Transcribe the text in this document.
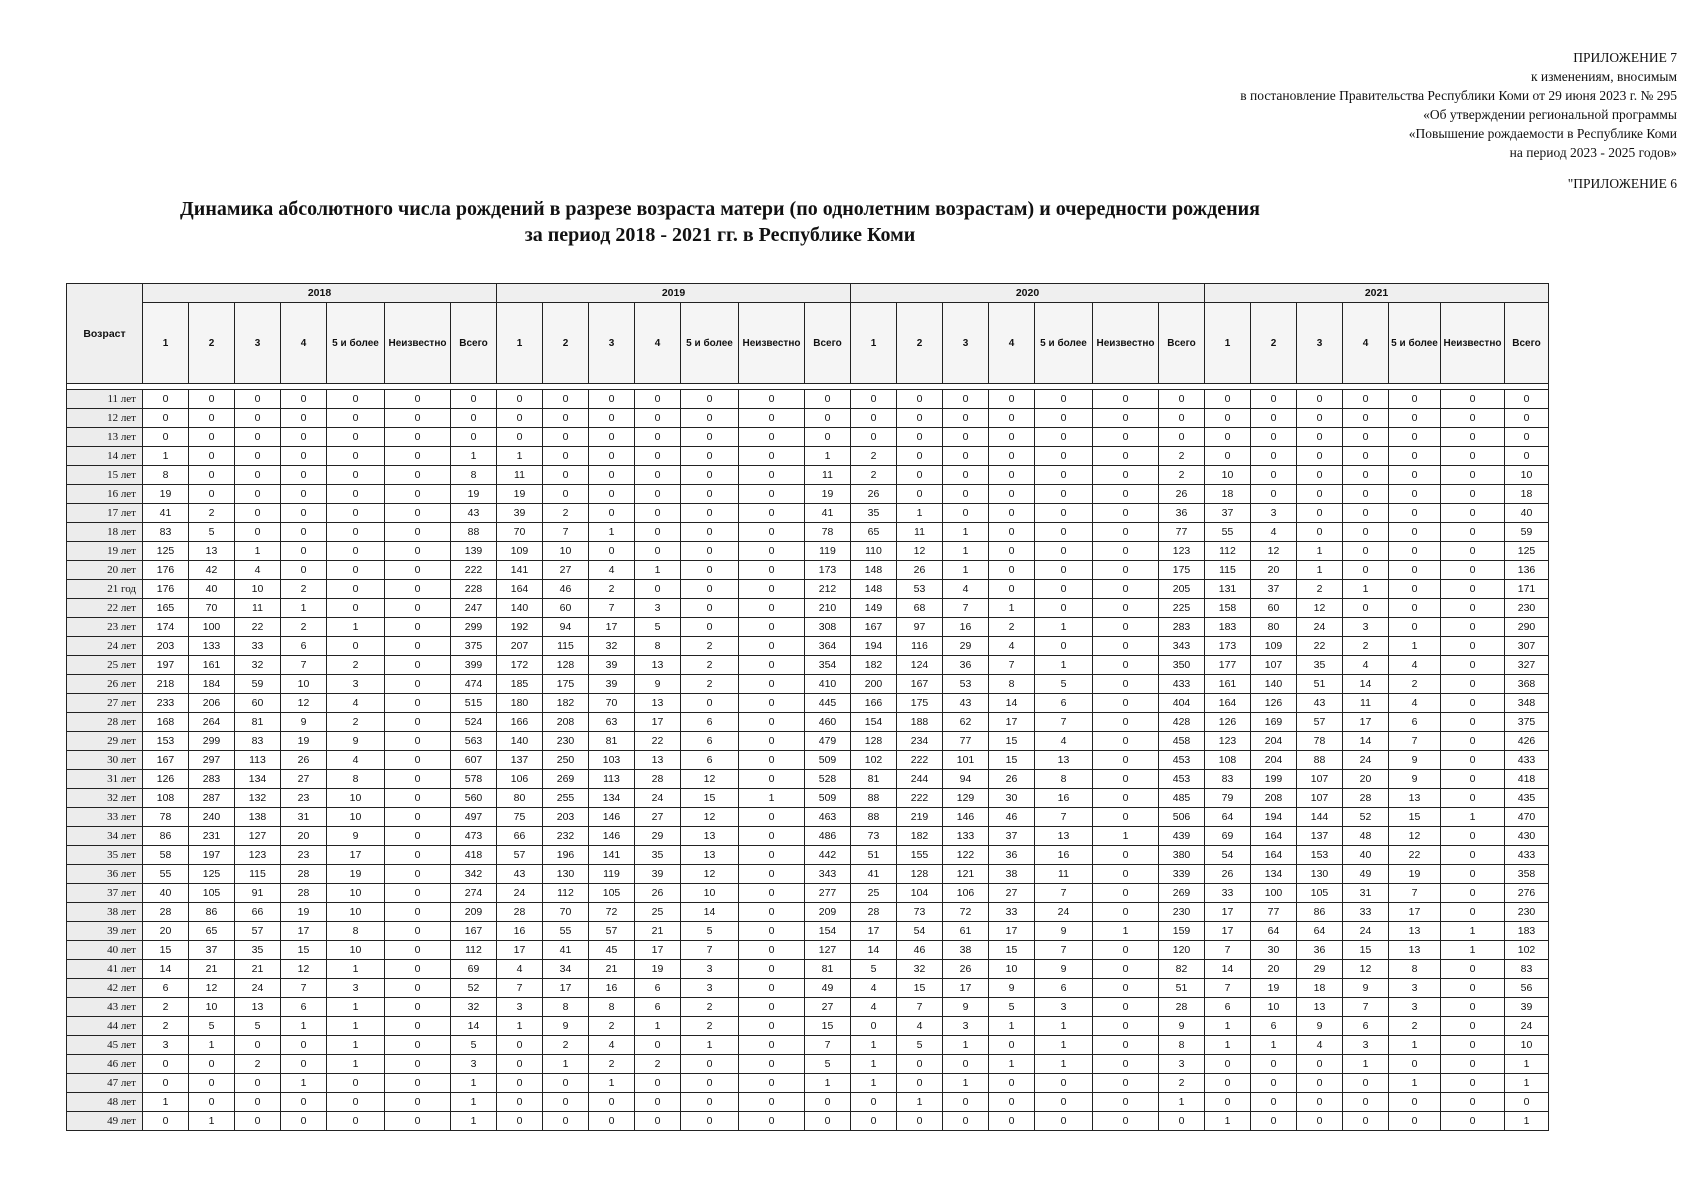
ПРИЛОЖЕНИЕ 7
к изменениям, вносимым
в постановление Правительства Республики Коми от 29 июня 2023 г. № 295
«Об утверждении региональной программы
«Повышение рождаемости в Республике Коми
на период 2023 - 2025 годов»
"ПРИЛОЖЕНИЕ 6
Динамика абсолютного числа рождений в разрезе возраста матери (по однолетним возрастам) и очередности рождения
за период 2018 - 2021 гг. в Республике Коми
Возраст	2018							2019							2020							2021						
	1	2	3	4	5 и более	Неизвестно	Всего	1	2	3	4	5 и более	Неизвестно	Всего	1	2	3	4	5 и более	Неизвестно	Всего	1	2	3	4	5 и более	Неизвестно	Всего

11 лет	0	0	0	0	0	0	0	0	0	0	0	0	0	0	0	0	0	0	0	0	0	0	0	0	0	0	0	0
12 лет	0	0	0	0	0	0	0	0	0	0	0	0	0	0	0	0	0	0	0	0	0	0	0	0	0	0	0	0
13 лет	0	0	0	0	0	0	0	0	0	0	0	0	0	0	0	0	0	0	0	0	0	0	0	0	0	0	0	0
14 лет	1	0	0	0	0	0	1	1	0	0	0	0	0	1	2	0	0	0	0	0	2	0	0	0	0	0	0	0
15 лет	8	0	0	0	0	0	8	11	0	0	0	0	0	11	2	0	0	0	0	0	2	10	0	0	0	0	0	10
16 лет	19	0	0	0	0	0	19	19	0	0	0	0	0	19	26	0	0	0	0	0	26	18	0	0	0	0	0	18
17 лет	41	2	0	0	0	0	43	39	2	0	0	0	0	41	35	1	0	0	0	0	36	37	3	0	0	0	0	40
18 лет	83	5	0	0	0	0	88	70	7	1	0	0	0	78	65	11	1	0	0	0	77	55	4	0	0	0	0	59
19 лет	125	13	1	0	0	0	139	109	10	0	0	0	0	119	110	12	1	0	0	0	123	112	12	1	0	0	0	125
20 лет	176	42	4	0	0	0	222	141	27	4	1	0	0	173	148	26	1	0	0	0	175	115	20	1	0	0	0	136
21 год	176	40	10	2	0	0	228	164	46	2	0	0	0	212	148	53	4	0	0	0	205	131	37	2	1	0	0	171
22 лет	165	70	11	1	0	0	247	140	60	7	3	0	0	210	149	68	7	1	0	0	225	158	60	12	0	0	0	230
23 лет	174	100	22	2	1	0	299	192	94	17	5	0	0	308	167	97	16	2	1	0	283	183	80	24	3	0	0	290
24 лет	203	133	33	6	0	0	375	207	115	32	8	2	0	364	194	116	29	4	0	0	343	173	109	22	2	1	0	307
25 лет	197	161	32	7	2	0	399	172	128	39	13	2	0	354	182	124	36	7	1	0	350	177	107	35	4	4	0	327
26 лет	218	184	59	10	3	0	474	185	175	39	9	2	0	410	200	167	53	8	5	0	433	161	140	51	14	2	0	368
27 лет	233	206	60	12	4	0	515	180	182	70	13	0	0	445	166	175	43	14	6	0	404	164	126	43	11	4	0	348
28 лет	168	264	81	9	2	0	524	166	208	63	17	6	0	460	154	188	62	17	7	0	428	126	169	57	17	6	0	375
29 лет	153	299	83	19	9	0	563	140	230	81	22	6	0	479	128	234	77	15	4	0	458	123	204	78	14	7	0	426
30 лет	167	297	113	26	4	0	607	137	250	103	13	6	0	509	102	222	101	15	13	0	453	108	204	88	24	9	0	433
31 лет	126	283	134	27	8	0	578	106	269	113	28	12	0	528	81	244	94	26	8	0	453	83	199	107	20	9	0	418
32 лет	108	287	132	23	10	0	560	80	255	134	24	15	1	509	88	222	129	30	16	0	485	79	208	107	28	13	0	435
33 лет	78	240	138	31	10	0	497	75	203	146	27	12	0	463	88	219	146	46	7	0	506	64	194	144	52	15	1	470
34 лет	86	231	127	20	9	0	473	66	232	146	29	13	0	486	73	182	133	37	13	1	439	69	164	137	48	12	0	430
35 лет	58	197	123	23	17	0	418	57	196	141	35	13	0	442	51	155	122	36	16	0	380	54	164	153	40	22	0	433
36 лет	55	125	115	28	19	0	342	43	130	119	39	12	0	343	41	128	121	38	11	0	339	26	134	130	49	19	0	358
37 лет	40	105	91	28	10	0	274	24	112	105	26	10	0	277	25	104	106	27	7	0	269	33	100	105	31	7	0	276
38 лет	28	86	66	19	10	0	209	28	70	72	25	14	0	209	28	73	72	33	24	0	230	17	77	86	33	17	0	230
39 лет	20	65	57	17	8	0	167	16	55	57	21	5	0	154	17	54	61	17	9	1	159	17	64	64	24	13	1	183
40 лет	15	37	35	15	10	0	112	17	41	45	17	7	0	127	14	46	38	15	7	0	120	7	30	36	15	13	1	102
41 лет	14	21	21	12	1	0	69	4	34	21	19	3	0	81	5	32	26	10	9	0	82	14	20	29	12	8	0	83
42 лет	6	12	24	7	3	0	52	7	17	16	6	3	0	49	4	15	17	9	6	0	51	7	19	18	9	3	0	56
43 лет	2	10	13	6	1	0	32	3	8	8	6	2	0	27	4	7	9	5	3	0	28	6	10	13	7	3	0	39
44 лет	2	5	5	1	1	0	14	1	9	2	1	2	0	15	0	4	3	1	1	0	9	1	6	9	6	2	0	24
45 лет	3	1	0	0	1	0	5	0	2	4	0	1	0	7	1	5	1	0	1	0	8	1	1	4	3	1	0	10
46 лет	0	0	2	0	1	0	3	0	1	2	2	0	0	5	1	0	0	1	1	0	3	0	0	0	1	0	0	1
47 лет	0	0	0	1	0	0	1	0	0	1	0	0	0	1	1	0	1	0	0	0	2	0	0	0	0	1	0	1
48 лет	1	0	0	0	0	0	1	0	0	0	0	0	0	0	0	1	0	0	0	0	1	0	0	0	0	0	0	0
49 лет	0	1	0	0	0	0	1	0	0	0	0	0	0	0	0	0	0	0	0	0	0	1	0	0	0	0	0	1
